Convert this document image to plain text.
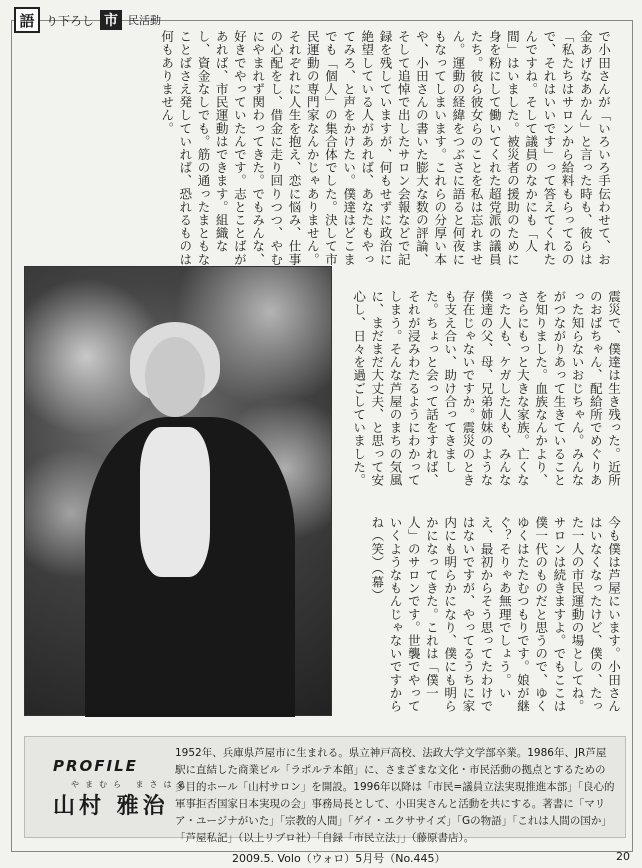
語 り下ろし 市 民活動
で小田さんが「いろいろ手伝わせて、お金あげなあかん」と言った時も、彼らは「私たちはサロンから給料もらってるので、それはいいです」って答えてくれたんですね。そして議員のなかにも「人間」はいました。被災者の援助のために身を粉にして働いてくれた超党派の議員たち。彼ら彼女らのことを私は忘れません。運動の経緯をつぶさに語ると何夜にもなってしまいます。これらの分厚い本や、小田さんの書いた膨大な数の評論、そして追悼で出したサロン会報などで記録を残していますが、何もせずに政治に絶望している人があれば、あなたもやってみろ、と声をかけたい。僕達はどこまでも「個人」の集合体でした。決して市民運動の専門家なんかじゃありません。それぞれに人生を抱え、恋に悩み、仕事の心配をし、借金に走り回りつつ、やむにやまれず関わってきた。でもみんな、好きでやっていたんです。志とことばがあれば、市民運動はできます。組織なし、資金なしでも。筋の通ったまともなことばさえ発していれば、恐れるものは何もありません。
震災で、僕達は生き残った。近所のおばちゃん、配給所でめぐりあった知らないおじちゃん。みんながつながりあって生きていることを知りました。血族なんかより、さらにもっと大きな家族。亡くなった人も、ケガした人も、みんな僕達の父、母、兄弟姉妹のような存在じゃないですか。震災のときも支え合い、助け合ってきました。ちょっと会って話をすれば、それが浸みわたるようにわかってしまう。そんな芦屋のまちの気風に、まだまだ大丈夫、と思って安心し、日々を過ごしていました。
今も僕は芦屋にいます。小田さんはいなくなったけど、僕の、たった一人の市民運動の場としてね。サロンは続きますよ。でもここは僕一代のものだと思うので、ゆくゆくはたたむつもりです。娘が継ぐ？そりゃあ無理でしょう。いえ、最初からそう思ってたわけではないですが、やってるうちに家内にも明らかになり、僕にも明らかになってきた。これは「僕一人」のサロンです。世襲でやっていくようなもんじゃないですからね（笑）（幕）
PROFILE
やまむら まさはる
山村 雅治
1952年、兵庫県芦屋市に生まれる。県立神戸高校、法政大学文学部卒業。1986年、JR芦屋駅に直結した商業ビル「ラポルテ本館」に、さまざまな文化・市民活動の拠点とするための多目的ホール「山村サロン」を開設。1996年以降は「市民=議員立法実現推進本部」「良心的軍事拒否国家日本実現の会」事務局長として、小田実さんと活動を共にする。著書に「マリア・ユージナがいた」「宗教的人間」「ゲイ・エクササイズ」「Gの物語」「これは人間の国か」「芦屋私記」（以上リブロ社）「自録「市民立法」」（藤原書店）。
2009.5. Volo（ウォロ）5月号（No.445）	20
